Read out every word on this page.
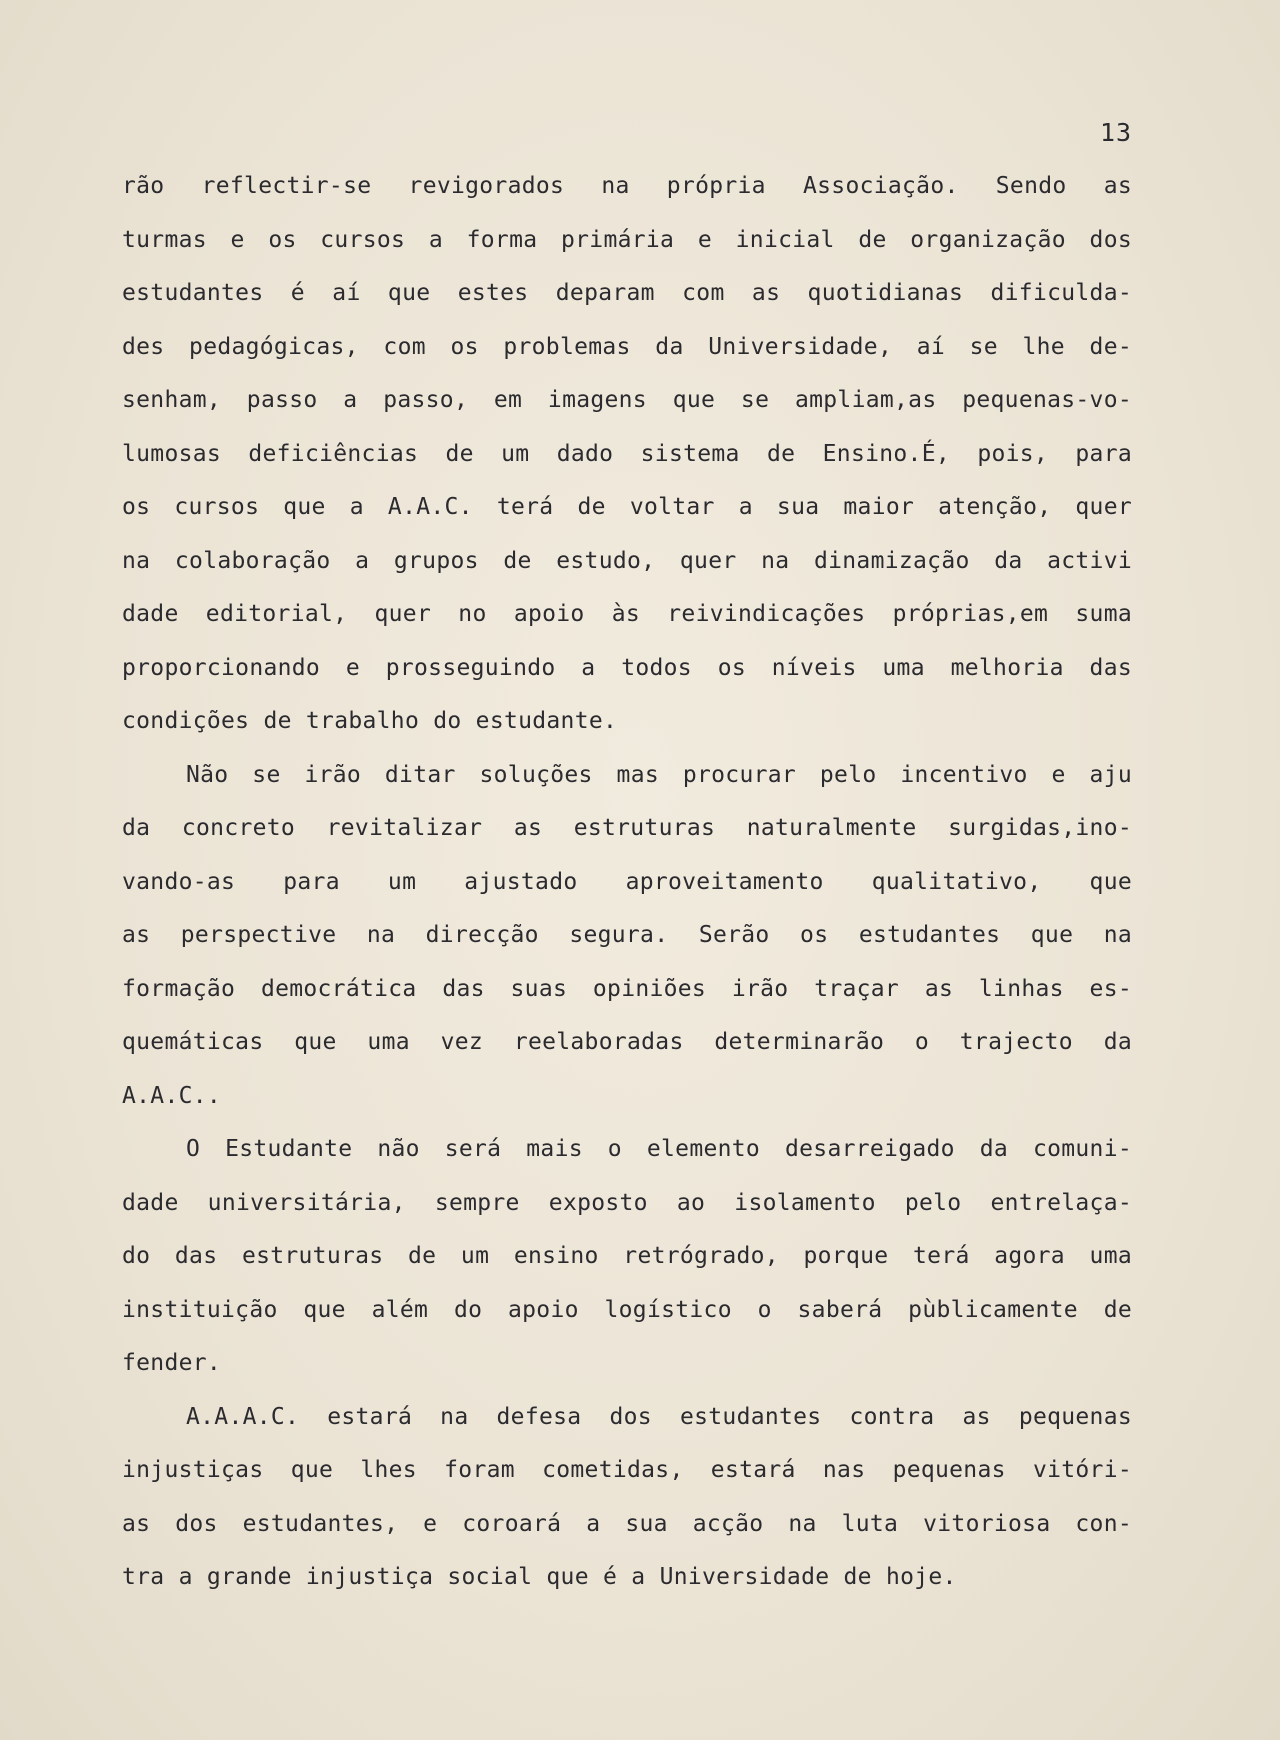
13
rão reflectir-se revigorados na própria Associação. Sendo as
turmas e os cursos a forma primária e inicial de organização dos
estudantes é aí que estes deparam com as quotidianas dificulda-
des pedagógicas, com os problemas da Universidade, aí se lhe de-
senham, passo a passo, em imagens que se ampliam,as pequenas-vo-
lumosas deficiências de um dado sistema de Ensino.É, pois, para
os cursos que a A.A.C. terá de voltar a sua maior atenção, quer
na colaboração a grupos de estudo, quer na dinamização da activi
dade editorial, quer no apoio às reivindicações próprias,em suma
proporcionando e prosseguindo a todos os níveis uma melhoria das
condições de trabalho do estudante.
Não se irão ditar soluções mas procurar pelo incentivo e aju
da concreto revitalizar as estruturas naturalmente surgidas,ino-
vando-as para um ajustado aproveitamento qualitativo, que
as perspective na direcção segura. Serão os estudantes que na
formação democrática das suas opiniões irão traçar as linhas es-
quemáticas que uma vez reelaboradas determinarão o trajecto da
A.A.C..
O Estudante não será mais o elemento desarreigado da comuni-
dade universitária, sempre exposto ao isolamento pelo entrelaça-
do das estruturas de um ensino retrógrado, porque terá agora uma
instituição que além do apoio logístico o saberá pùblicamente de
fender.
A.A.A.C. estará na defesa dos estudantes contra as pequenas
injustiças que lhes foram cometidas, estará nas pequenas vitóri-
as dos estudantes, e coroará a sua acção na luta vitoriosa con-
tra a grande injustiça social que é a Universidade de hoje.
